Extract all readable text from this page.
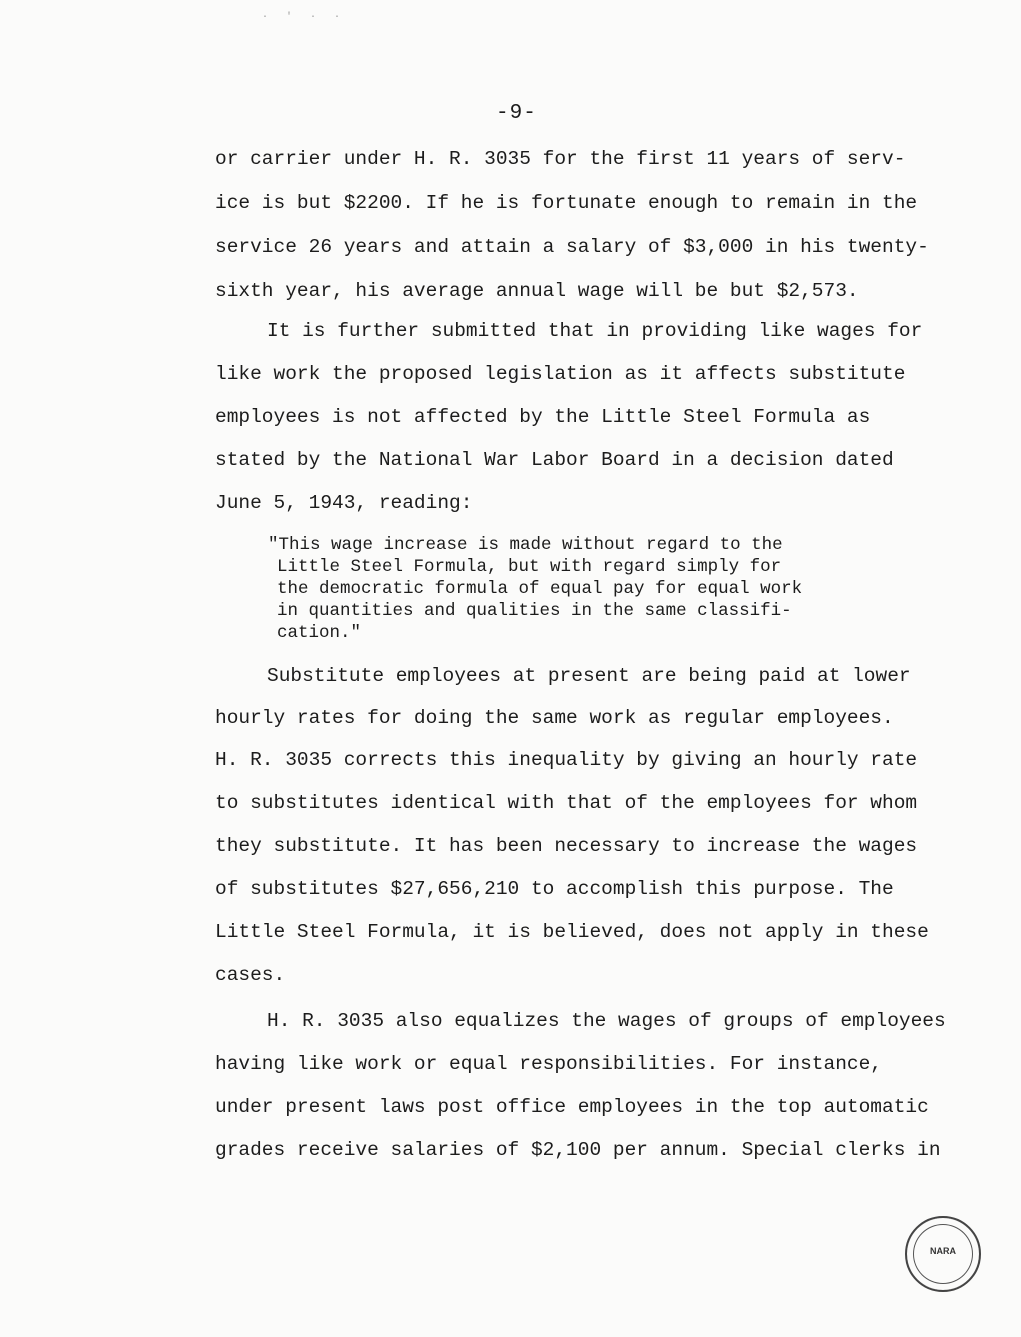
· ' · ·
-9-
or carrier under H. R. 3035 for the first 11 years of serv-
ice is but $2200. If he is fortunate enough to remain in the
service 26 years and attain a salary of $3,000 in his twenty-
sixth year, his average annual wage will be but $2,573.
It is further submitted that in providing like wages for
like work the proposed legislation as it affects substitute
employees is not affected by the Little Steel Formula as
stated by the National War Labor Board in a decision dated
June 5, 1943, reading:
"This wage increase is made without regard to the
Little Steel Formula, but with regard simply for
the democratic formula of equal pay for equal work
in quantities and qualities in the same classifi-
cation."
Substitute employees at present are being paid at lower
hourly rates for doing the same work as regular employees.
H. R. 3035 corrects this inequality by giving an hourly rate
to substitutes identical with that of the employees for whom
they substitute. It has been necessary to increase the wages
of substitutes $27,656,210 to accomplish this purpose. The
Little Steel Formula, it is believed, does not apply in these
cases.
H. R. 3035 also equalizes the wages of groups of employees
having like work or equal responsibilities. For instance,
under present laws post office employees in the top automatic
grades receive salaries of $2,100 per annum. Special clerks in
NARA
